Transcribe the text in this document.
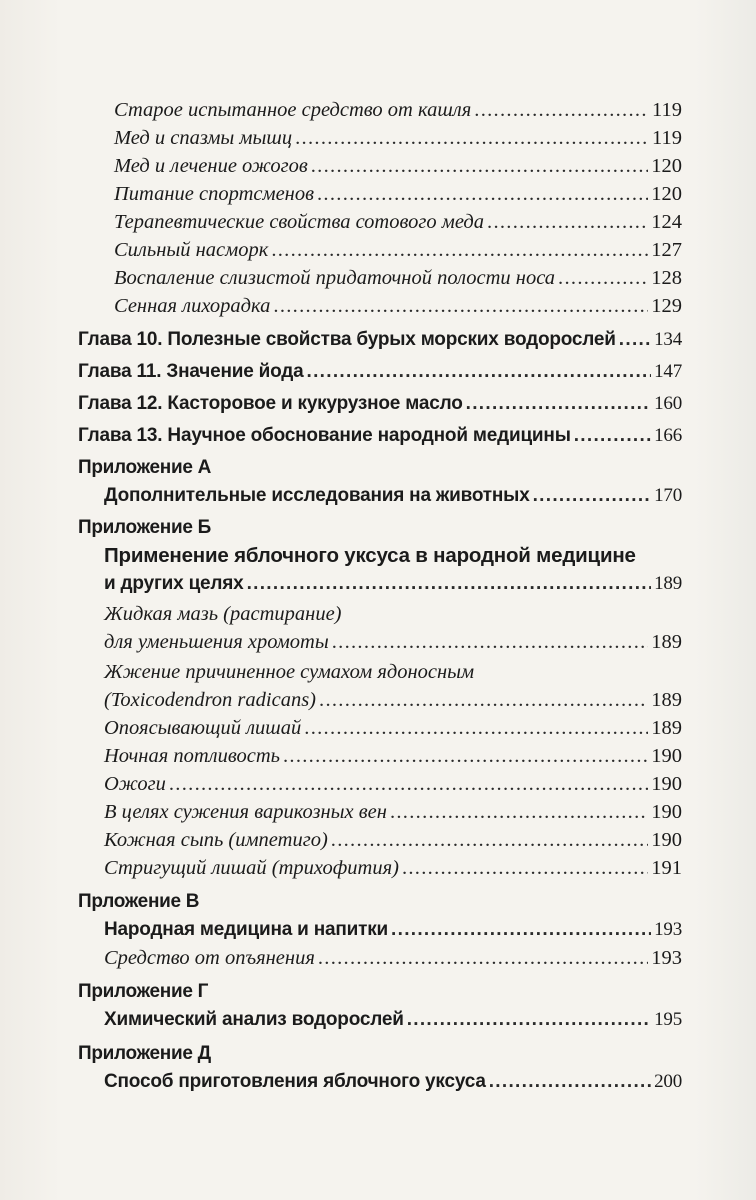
Старое испытанное средство от кашля .....	119
Мед и спазмы мышц .....	119
Мед и лечение ожогов .....	120
Питание спортсменов .....	120
Терапевтические свойства сотового меда .....	124
Сильный насморк .....	127
Воспаление слизистой придаточной полости носа .....	128
Сенная лихорадка .....	129
Глава 10. Полезные свойства бурых морских водорослей ..... 134
Глава 11. Значение йода .....	147
Глава 12. Касторовое и кукурузное масло .....	160
Глава 13. Научное обоснование народной медицины .....	166
Приложение А
Дополнительные исследования на животных .....	170
Приложение Б
Применение яблочного уксуса в народной медицине
и других целях .....	189
Жидкая мазь (растирание)
для уменьшения хромоты .....	189
Жжение причиненное сумахом ядоносным
(Toxicodendron radicans) .....	189
Опоясывающий лишай .....	189
Ночная потливость .....	190
Ожоги .....	190
В целях сужения варикозных вен .....	190
Кожная сыпь (импетиго) .....	190
Стригущий лишай (трихофития) .....	191
Прложение В
Народная медицина и напитки .....	193
Средство от опъянения .....	193
Приложение Г
Химический анализ водорослей .....	195
Приложение Д
Способ приготовления яблочного уксуса .....	200
